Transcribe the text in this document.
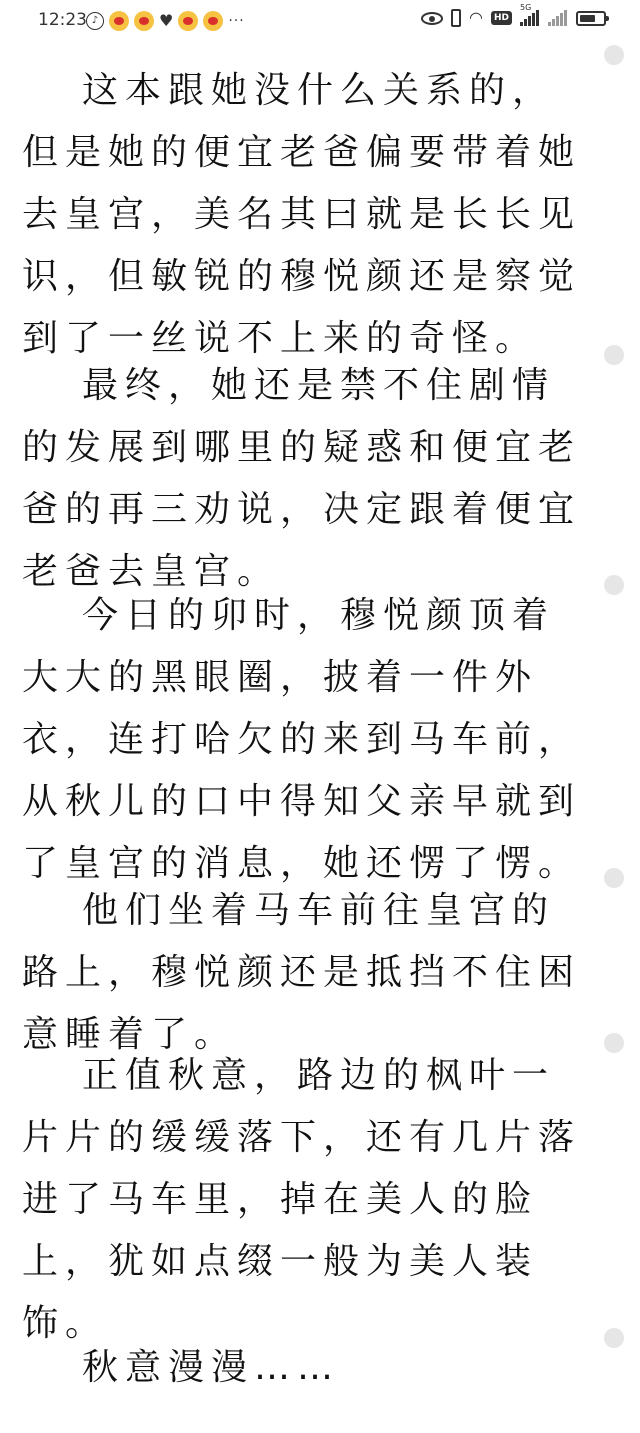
12:23 ♪	♥	···	◠	HD
5G

这本跟她没什么关系的，但是她的便宜老爸偏要带着她去皇宫，美名其曰就是长长见识，但敏锐的穆悦颜还是察觉到了一丝说不上来的奇怪。

最终，她还是禁不住剧情的发展到哪里的疑惑和便宜老爸的再三劝说，决定跟着便宜老爸去皇宫。

今日的卯时，穆悦颜顶着大大的黑眼圈，披着一件外衣，连打哈欠的来到马车前，从秋儿的口中得知父亲早就到了皇宫的消息，她还愣了愣。

他们坐着马车前往皇宫的路上，穆悦颜还是抵挡不住困意睡着了。

正值秋意，路边的枫叶一片片的缓缓落下，还有几片落进了马车里，掉在美人的脸上，犹如点缀一般为美人装饰。

秋意漫漫……
